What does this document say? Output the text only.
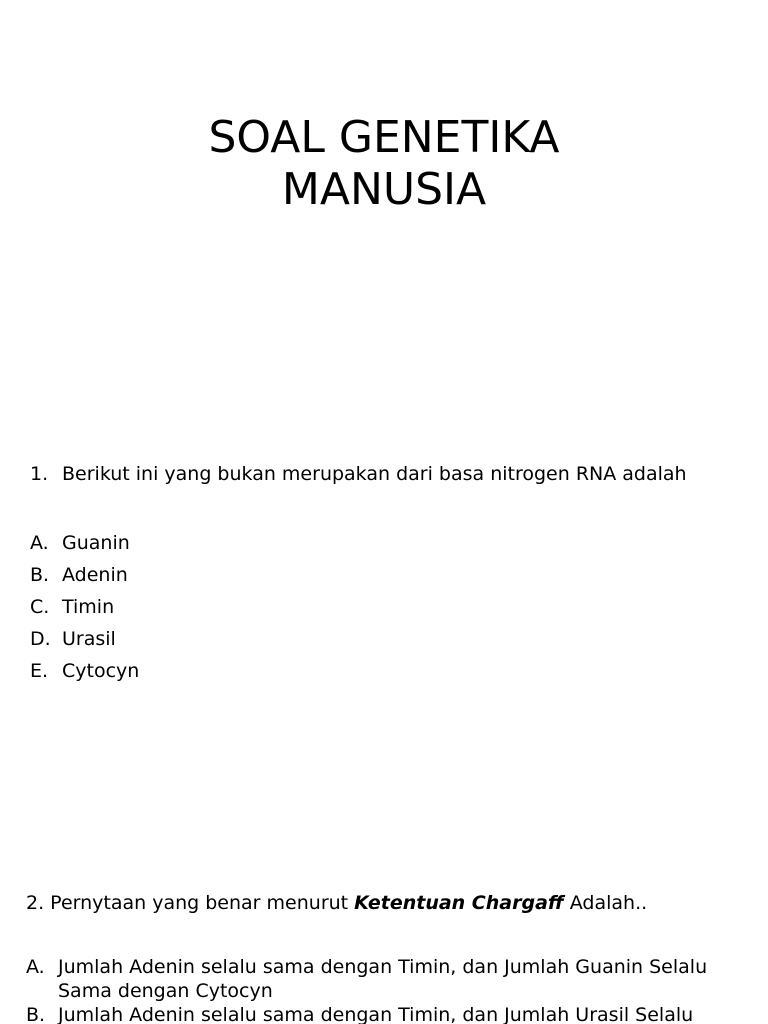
SOAL GENETIKA
MANUSIA
1. Berikut ini yang bukan merupakan dari basa nitrogen RNA adalah
A. Guanin
B. Adenin
C. Timin
D. Urasil
E. Cytocyn
2. Pernytaan yang benar menurut Ketentuan Chargaff Adalah..
A. Jumlah Adenin selalu sama dengan Timin, dan Jumlah Guanin Selalu Sama dengan Cytocyn
B. Jumlah Adenin selalu sama dengan Timin, dan Jumlah Urasil Selalu
